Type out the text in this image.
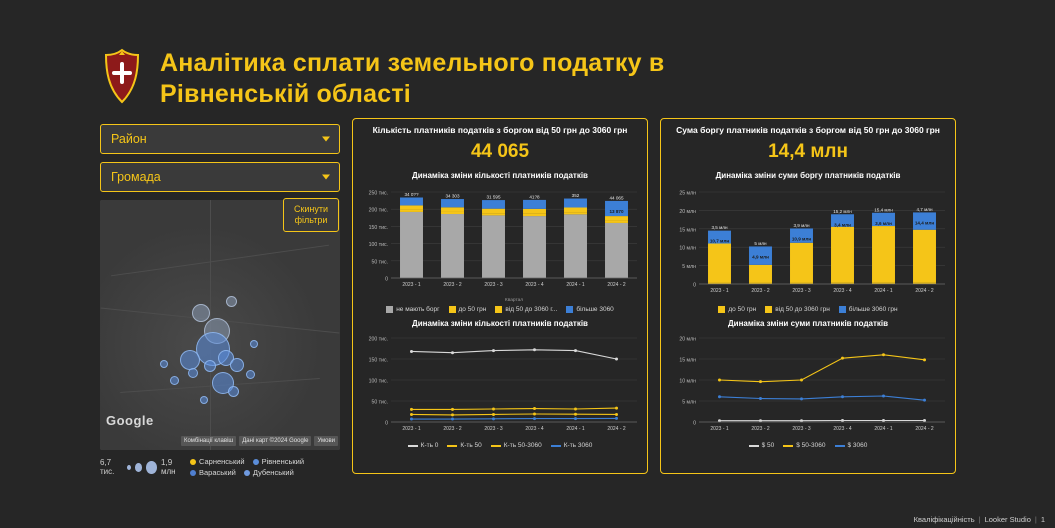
Аналітика сплати земельного податку в Рівненській області
Район
Громада
Google
Комбінації клавіш	Дані карт ©2024 Google	Умови
6,7 тис.
1,9 млн
Сарненський Рівненський
Вараський Дубенський
Скинути фільтри
Кількість платників податків з боргом від 50 грн до 3060 грн
44 065
Динаміка зміни кількості платників податків
0
50 тис.
100 тис.
150 тис.
200 тис.
250 тис.	34 0??
2023 - 1
34 303
2023 - 2
31 595
2023 - 3
41?8
2023 - 4
352
2024 - 1
44 065
13 870
2024 - 2
Квартал
не мають борг	до 50 грн	від 50 до 3060 г...	більше 3060
Динаміка зміни кількості платників податків
0
50 тис.
100 тис.
150 тис.
200 тис.
2023 - 1	2023 - 2	2023 - 3	2023 - 4	2024 - 1	2024 - 2
К-ть 0	К-ть 50	К-ть 50-3060	К-ть 3060
Сума боргу платників податків з боргом від 50 грн до 3060 грн
14,4 млн
Динаміка зміни суми боргу платників податків
0
5 млн
10 млн
15 млн
20 млн
25 млн
3,5 млн
10,7 млн
2023 - 1
5 млн
4,9 млн
2023 - 2
3,9 млн
10,9 млн
2023 - 3
15,2 млн
3,4 млн
2023 - 4
15,4 млн
3,6 млн
2024 - 1
4,7 млн
14,4 млн
2024 - 2
до 50 грн	від 50 до 3060 грн	більше 3060 грн
Динаміка зміни суми платників податків
0
5 млн
10 млн
15 млн
20 млн
2023 - 1	2023 - 2	2023 - 3	2023 - 4	2024 - 1	2024 - 2
$ 50	$ 50-3060	$ 3060
Кваліфікаційність | Looker Studio | 1
